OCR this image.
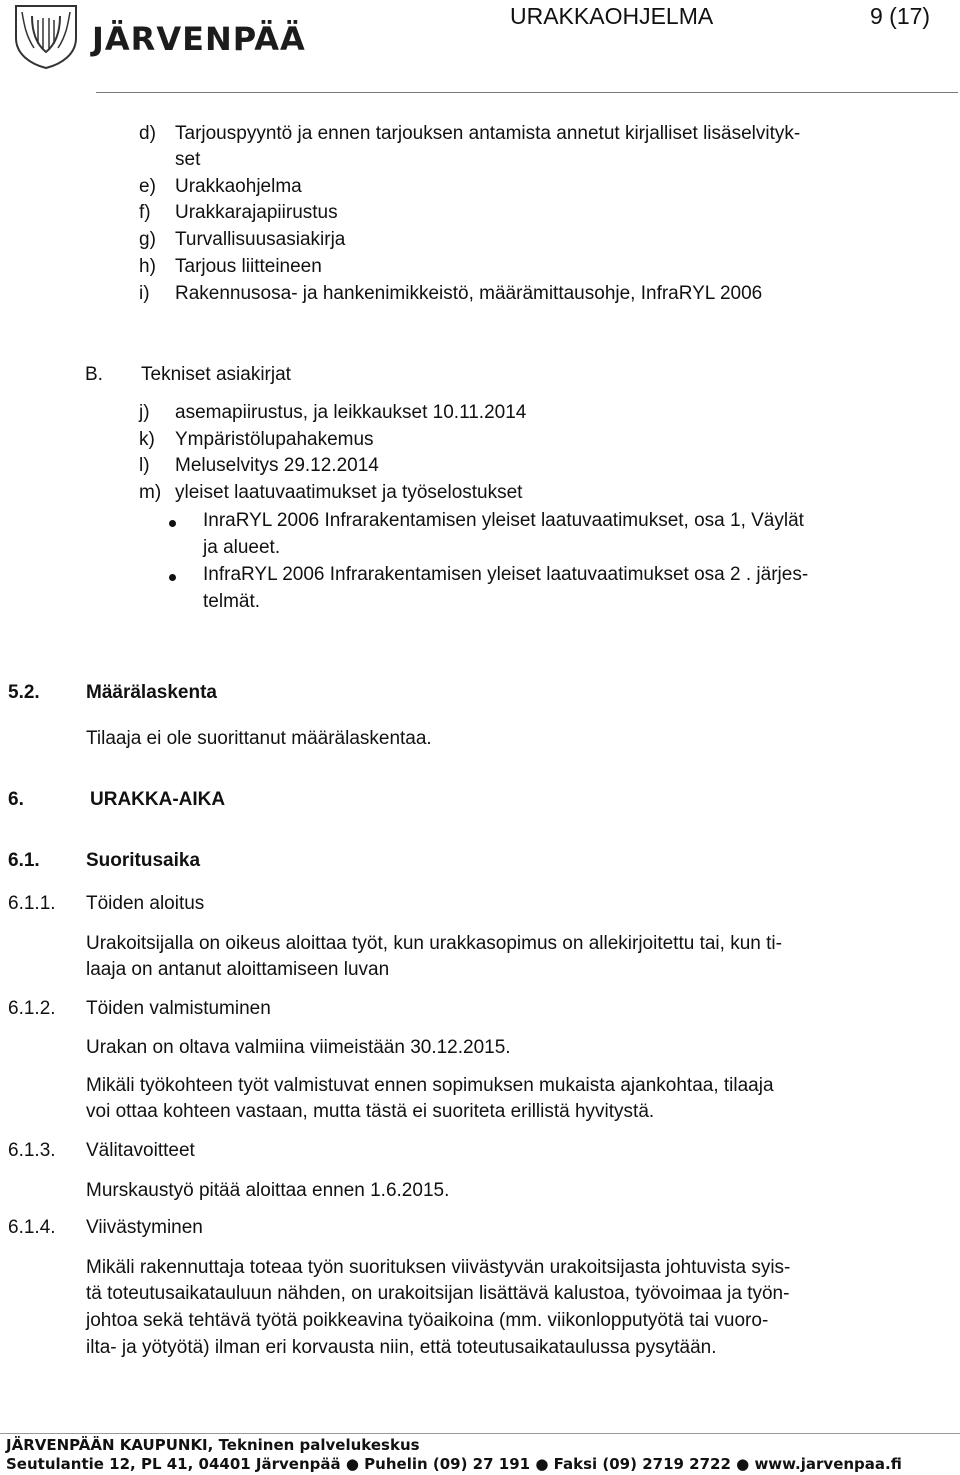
JÄRVENPÄÄ
URAKKAOHJELMA	9 (17)
d) Tarjouspyyntö ja ennen tarjouksen antamista annetut kirjalliset lisäselvityk-
set
e) Urakkaohjelma
f) Urakkarajapiirustus
g) Turvallisuusasiakirja
h) Tarjous liitteineen
i) Rakennusosa- ja hankenimikkeistö, määrämittausohje, InfraRYL 2006
B. Tekniset asiakirjat
j) asemapiirustus, ja leikkaukset 10.11.2014
k) Ympäristölupahakemus
l) Meluselvitys 29.12.2014
m) yleiset laatuvaatimukset ja työselostukset
InraRYL 2006 Infrarakentamisen yleiset laatuvaatimukset, osa 1, Väylät
ja alueet.
InfraRYL 2006 Infrarakentamisen yleiset laatuvaatimukset osa 2 . järjes-
telmät.
5.2. Määrälaskenta
Tilaaja ei ole suorittanut määrälaskentaa.
6.	URAKKA-AIKA
6.1. Suoritusaika
6.1.1. Töiden aloitus
Urakoitsijalla on oikeus aloittaa työt, kun urakkasopimus on allekirjoitettu tai, kun ti-
laaja on antanut aloittamiseen luvan
6.1.2. Töiden valmistuminen
Urakan on oltava valmiina viimeistään 30.12.2015.
Mikäli työkohteen työt valmistuvat ennen sopimuksen mukaista ajankohtaa, tilaaja
voi ottaa kohteen vastaan, mutta tästä ei suoriteta erillistä hyvitystä.
6.1.3. Välitavoitteet
Murskaustyö pitää aloittaa ennen 1.6.2015.
6.1.4. Viivästyminen
Mikäli rakennuttaja toteaa työn suorituksen viivästyvän urakoitsijasta johtuvista syis-
tä toteutusaikatauluun nähden, on urakoitsijan lisättävä kalustoa, työvoimaa ja työn-
johtoa sekä tehtävä työtä poikkeavina työaikoina (mm. viikonlopputyötä tai vuoro-
ilta- ja yötyötä) ilman eri korvausta niin, että toteutusaikataulussa pysytään.
JÄRVENPÄÄN KAUPUNKI, Tekninen palvelukeskus
Seutulantie 12, PL 41, 04401 Järvenpää ● Puhelin (09) 27 191 ● Faksi (09) 2719 2722 ● www.jarvenpaa.fi
